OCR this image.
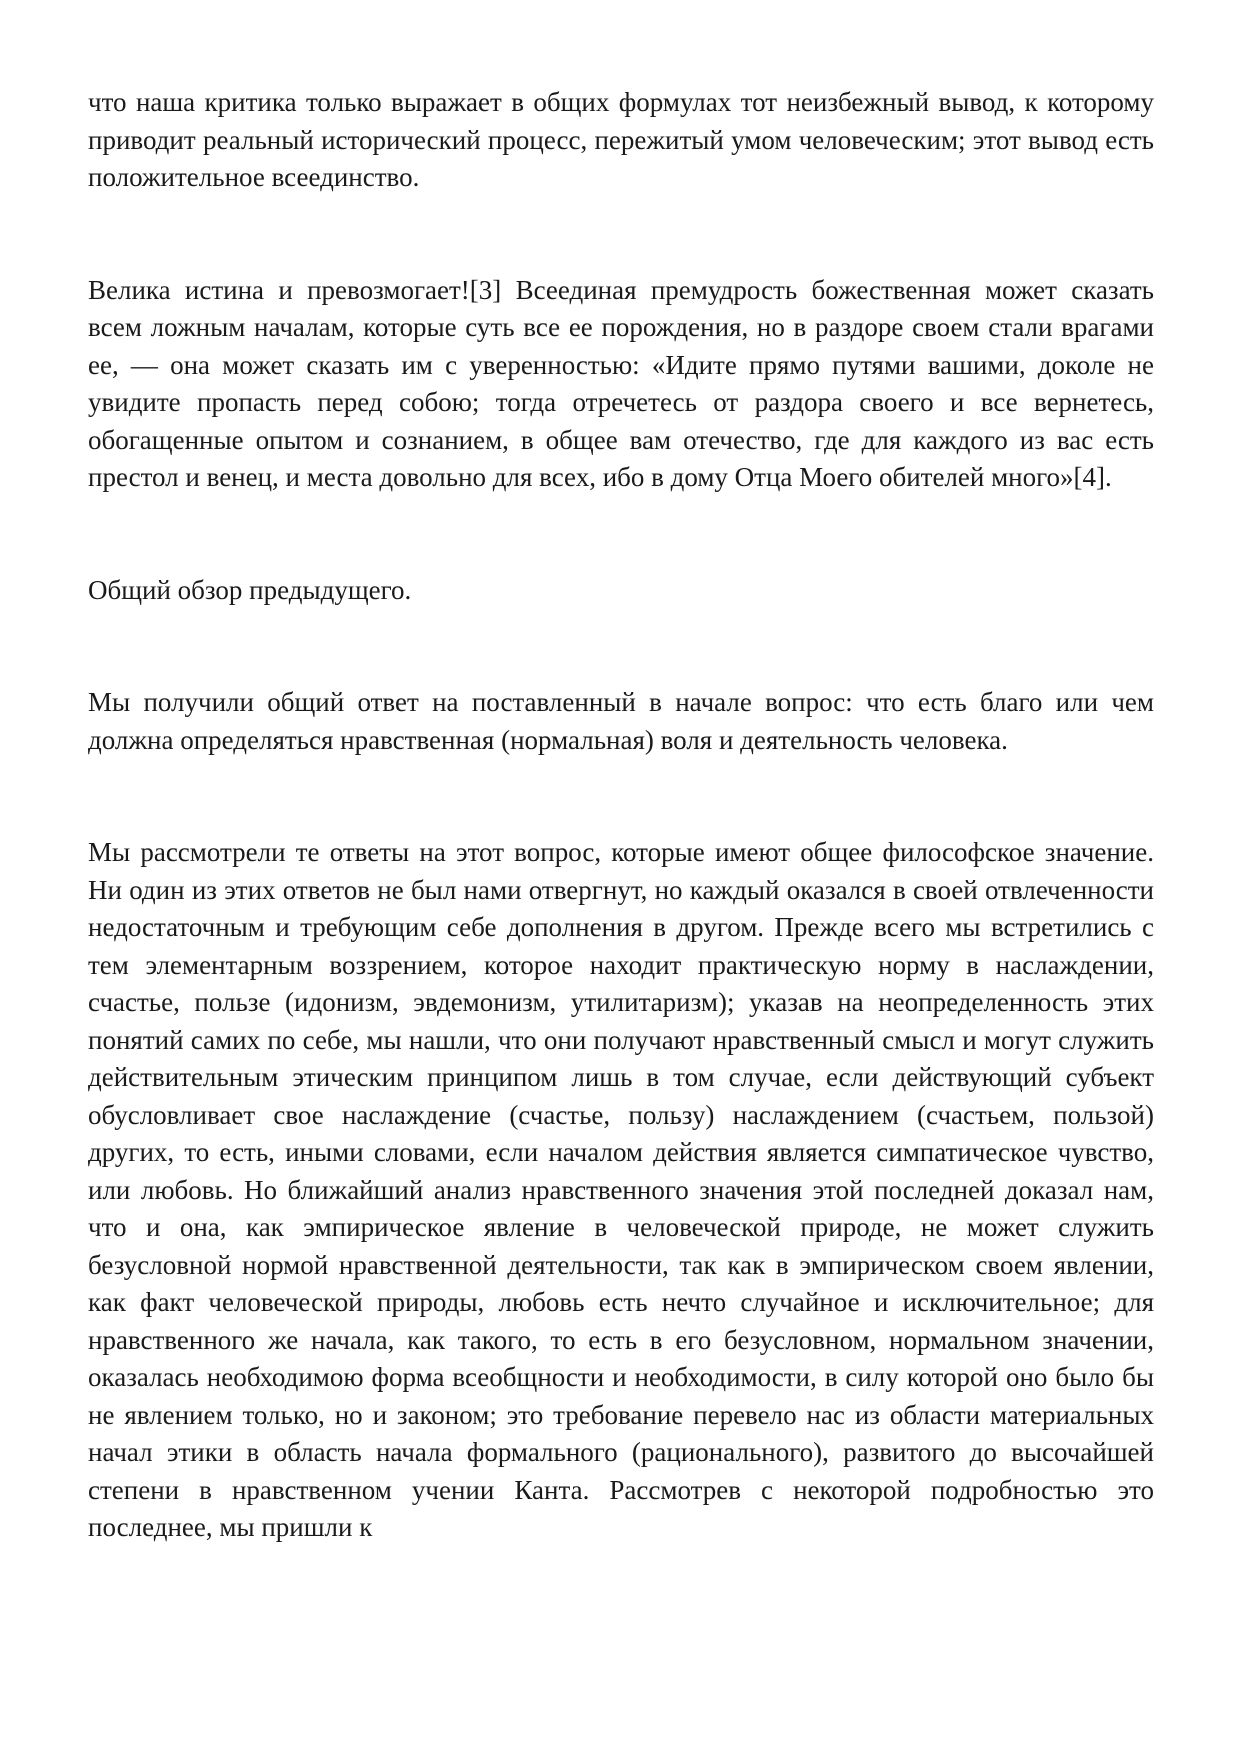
что наша критика только выражает в общих формулах тот неизбежный вывод, к которому приводит реальный исторический процесс, пережитый умом человеческим; этот вывод есть положительное всеединство.

Велика истина и превозмогает![3] Всеединая премудрость божественная может сказать всем ложным началам, которые суть все ее порождения, но в раздоре своем стали врагами ее, — она может сказать им с уверенностью: «Идите прямо путями вашими, доколе не увидите пропасть перед собою; тогда отречетесь от раздора своего и все вернетесь, обогащенные опытом и сознанием, в общее вам отечество, где для каждого из вас есть престол и венец, и места довольно для всех, ибо в дому Отца Моего обителей много»[4].

Общий обзор предыдущего.

Мы получили общий ответ на поставленный в начале вопрос: что есть благо или чем должна определяться нравственная (нормальная) воля и деятельность человека.

Мы рассмотрели те ответы на этот вопрос, которые имеют общее философское значение. Ни один из этих ответов не был нами отвергнут, но каждый оказался в своей отвлеченности недостаточным и требующим себе дополнения в другом. Прежде всего мы встретились с тем элементарным воззрением, которое находит практическую норму в наслаждении, счастье, пользе (идонизм, эвдемонизм, утилитаризм); указав на неопределенность этих понятий самих по себе, мы нашли, что они получают нравственный смысл и могут служить действительным этическим принципом лишь в том случае, если действующий субъект обусловливает свое наслаждение (счастье, пользу) наслаждением (счастьем, пользой) других, то есть, иными словами, если началом действия является симпатическое чувство, или любовь. Но ближайший анализ нравственного значения этой последней доказал нам, что и она, как эмпирическое явление в человеческой природе, не может служить безусловной нормой нравственной деятельности, так как в эмпирическом своем явлении, как факт человеческой природы, любовь есть нечто случайное и исключительное; для нравственного же начала, как такого, то есть в его безусловном, нормальном значении, оказалась необходимою форма всеобщности и необходимости, в силу которой оно было бы не явлением только, но и законом; это требование перевело нас из области материальных начал этики в область начала формального (рационального), развитого до высочайшей степени в нравственном учении Канта. Рассмотрев с некоторой подробностью это последнее, мы пришли к
